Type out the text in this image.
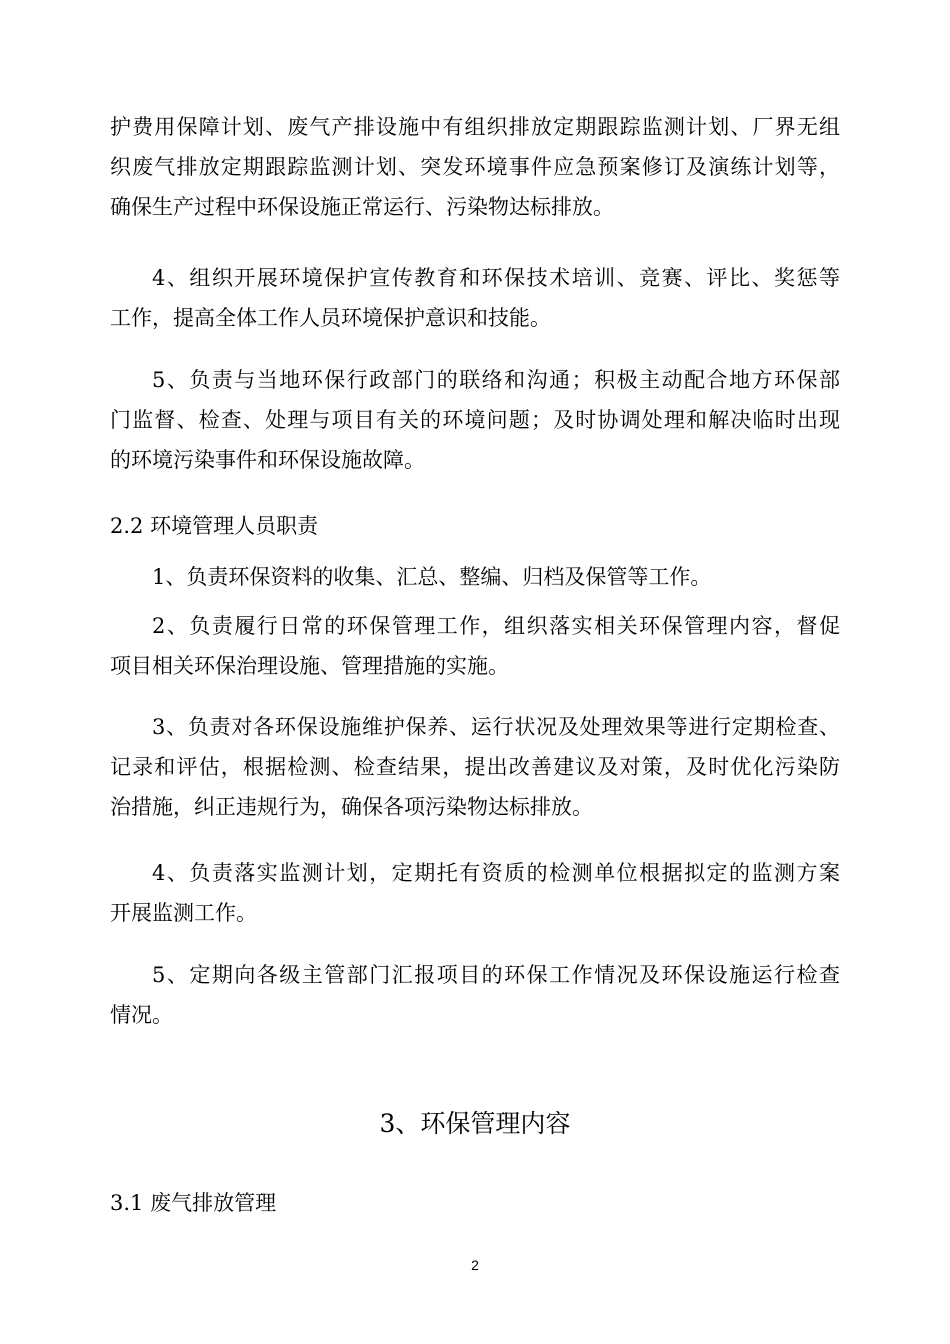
护费用保障计划、废气产排设施中有组织排放定期跟踪监测计划、厂界无组
织废气排放定期跟踪监测计划、突发环境事件应急预案修订及演练计划等，
确保生产过程中环保设施正常运行、污染物达标排放。
4、组织开展环境保护宣传教育和环保技术培训、竞赛、评比、奖惩等
工作，提高全体工作人员环境保护意识和技能。
5、负责与当地环保行政部门的联络和沟通；积极主动配合地方环保部
门监督、检查、处理与项目有关的环境问题；及时协调处理和解决临时出现
的环境污染事件和环保设施故障。
2.2 环境管理人员职责
1、负责环保资料的收集、汇总、整编、归档及保管等工作。
2、负责履行日常的环保管理工作，组织落实相关环保管理内容，督促
项目相关环保治理设施、管理措施的实施。
3、负责对各环保设施维护保养、运行状况及处理效果等进行定期检查、
记录和评估，根据检测、检查结果，提出改善建议及对策，及时优化污染防
治措施，纠正违规行为，确保各项污染物达标排放。
4、负责落实监测计划，定期托有资质的检测单位根据拟定的监测方案
开展监测工作。
5、定期向各级主管部门汇报项目的环保工作情况及环保设施运行检查
情况。
3、环保管理内容
3.1 废气排放管理
2
